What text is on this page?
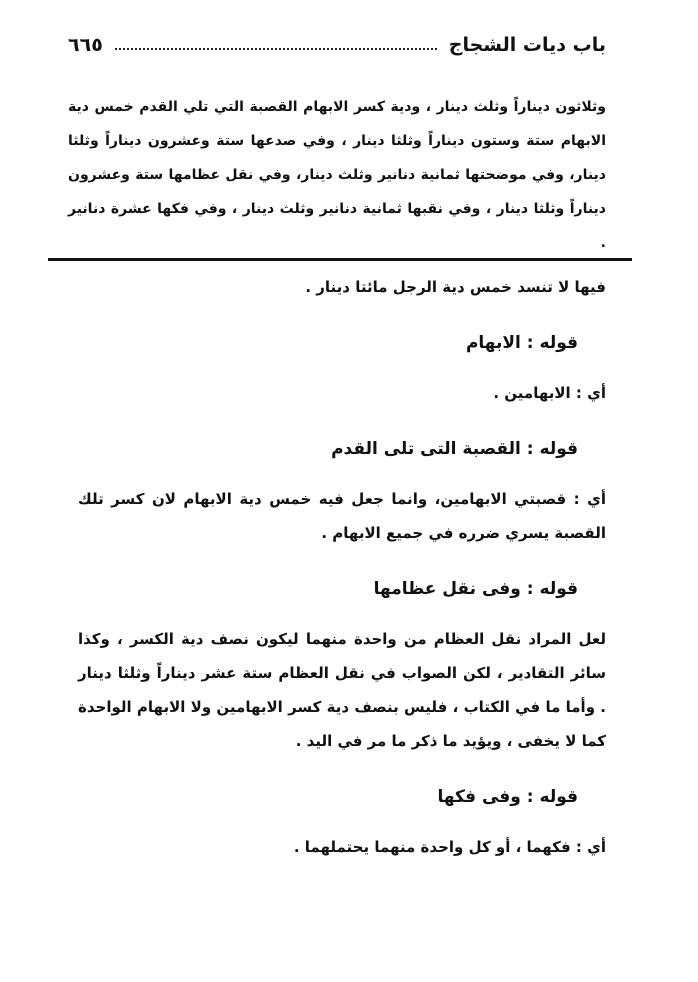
باب ديات الشجاج
٦٦٥

وثلاثون ديناراً وثلث دينار ، ودية كسر الابهام القصبة التي تلي القدم خمس دية الابهام ستة وستون ديناراً وثلثا دينار ، وفي صدعها ستة وعشرون ديناراً وثلثا دينار، وفي موضحتها ثمانية دنانير وثلث دينار، وفي نقل عظامها ستة وعشرون ديناراً وثلثا دينار ، وفي نقبها ثمانية دنانير وثلث دينار ، وفي فكها عشرة دنانير .

فيها لا تنسد خمس دية الرجل مائتا دينار .

قوله : الابهام

أي : الابهامين .

قوله : القصبة التى تلى القدم

أي : قصبتي الابهامين، وانما جعل فيه خمس دية الابهام لان كسر تلك القصبة يسري ضرره في جميع الابهام .

قوله : وفى نقل عظامها

لعل المراد نقل العظام من واحدة منهما ليكون نصف دية الكسر ، وكذا سائر التقادير ، لكن الصواب في نقل العظام ستة عشر ديناراً وثلثا دينار . وأما ما في الكتاب ، فليس بنصف دية كسر الابهامين ولا الابهام الواحدة كما لا يخفى ، ويؤيد ما ذكر ما مر في اليد .

قوله : وفى فكها

أي : فكهما ، أو كل واحدة منهما يحتملهما .
